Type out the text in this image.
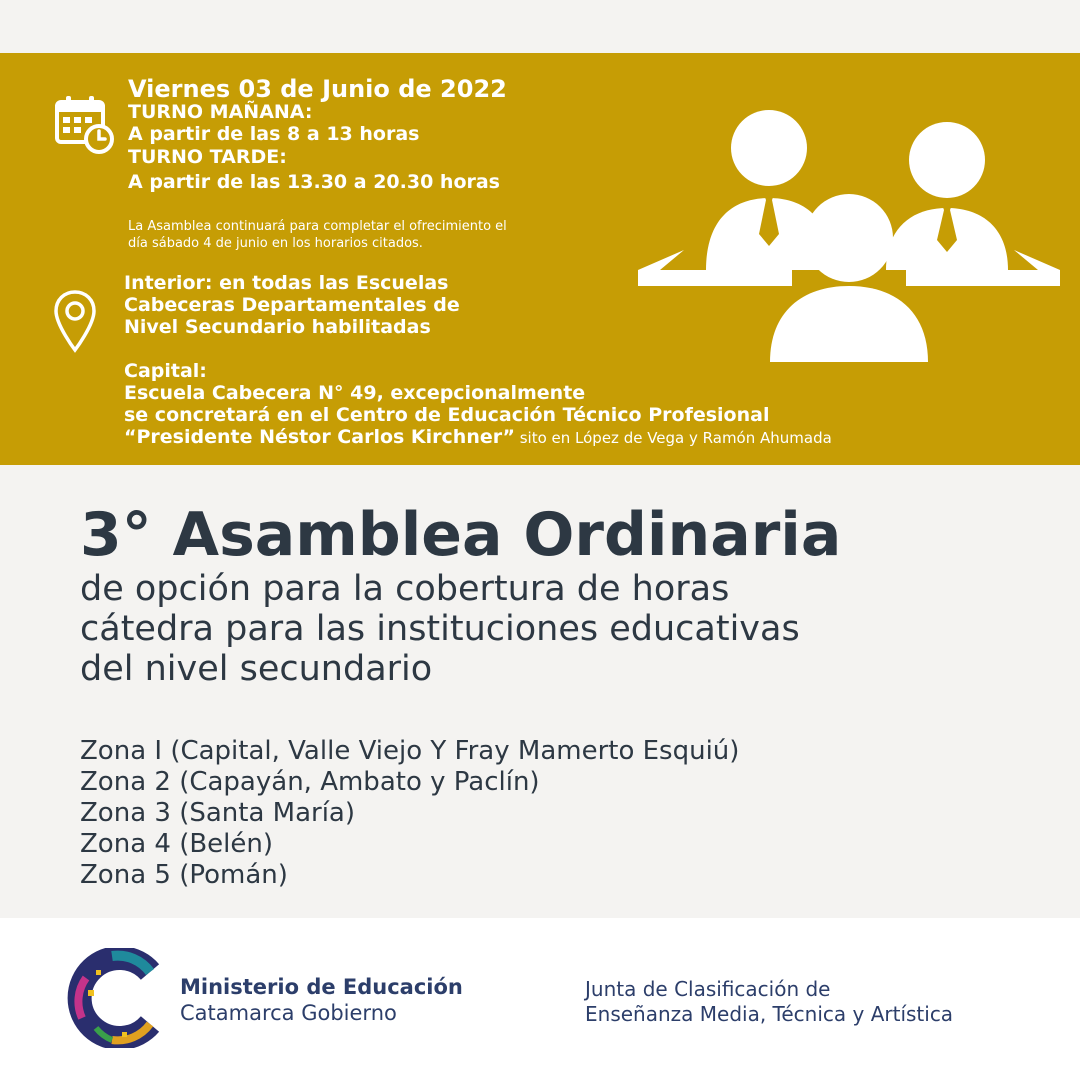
Viernes 03 de Junio de 2022
TURNO MAÑANA:
A partir de las 8 a 13 horas
TURNO TARDE:
A partir de las 13.30 a 20.30 horas
La Asamblea continuará para completar el ofrecimiento el
día sábado 4 de junio en los horarios citados.
Interior: en todas las Escuelas
Cabeceras Departamentales de
Nivel Secundario habilitadas
Capital:
Escuela Cabecera N° 49, excepcionalmente
se concretará en el Centro de Educación Técnico Profesional
“Presidente Néstor Carlos Kirchner” sito en López de Vega y Ramón Ahumada
3° Asamblea Ordinaria
de opción para la cobertura de horas
cátedra para las instituciones educativas
del nivel secundario
Zona I (Capital, Valle Viejo Y Fray Mamerto Esquiú)
Zona 2 (Capayán, Ambato y Paclín)
Zona 3 (Santa María)
Zona 4 (Belén)
Zona 5 (Pomán)
Ministerio de Educación
Catamarca Gobierno
Junta de Clasificación de
Enseñanza Media, Técnica y Artística
